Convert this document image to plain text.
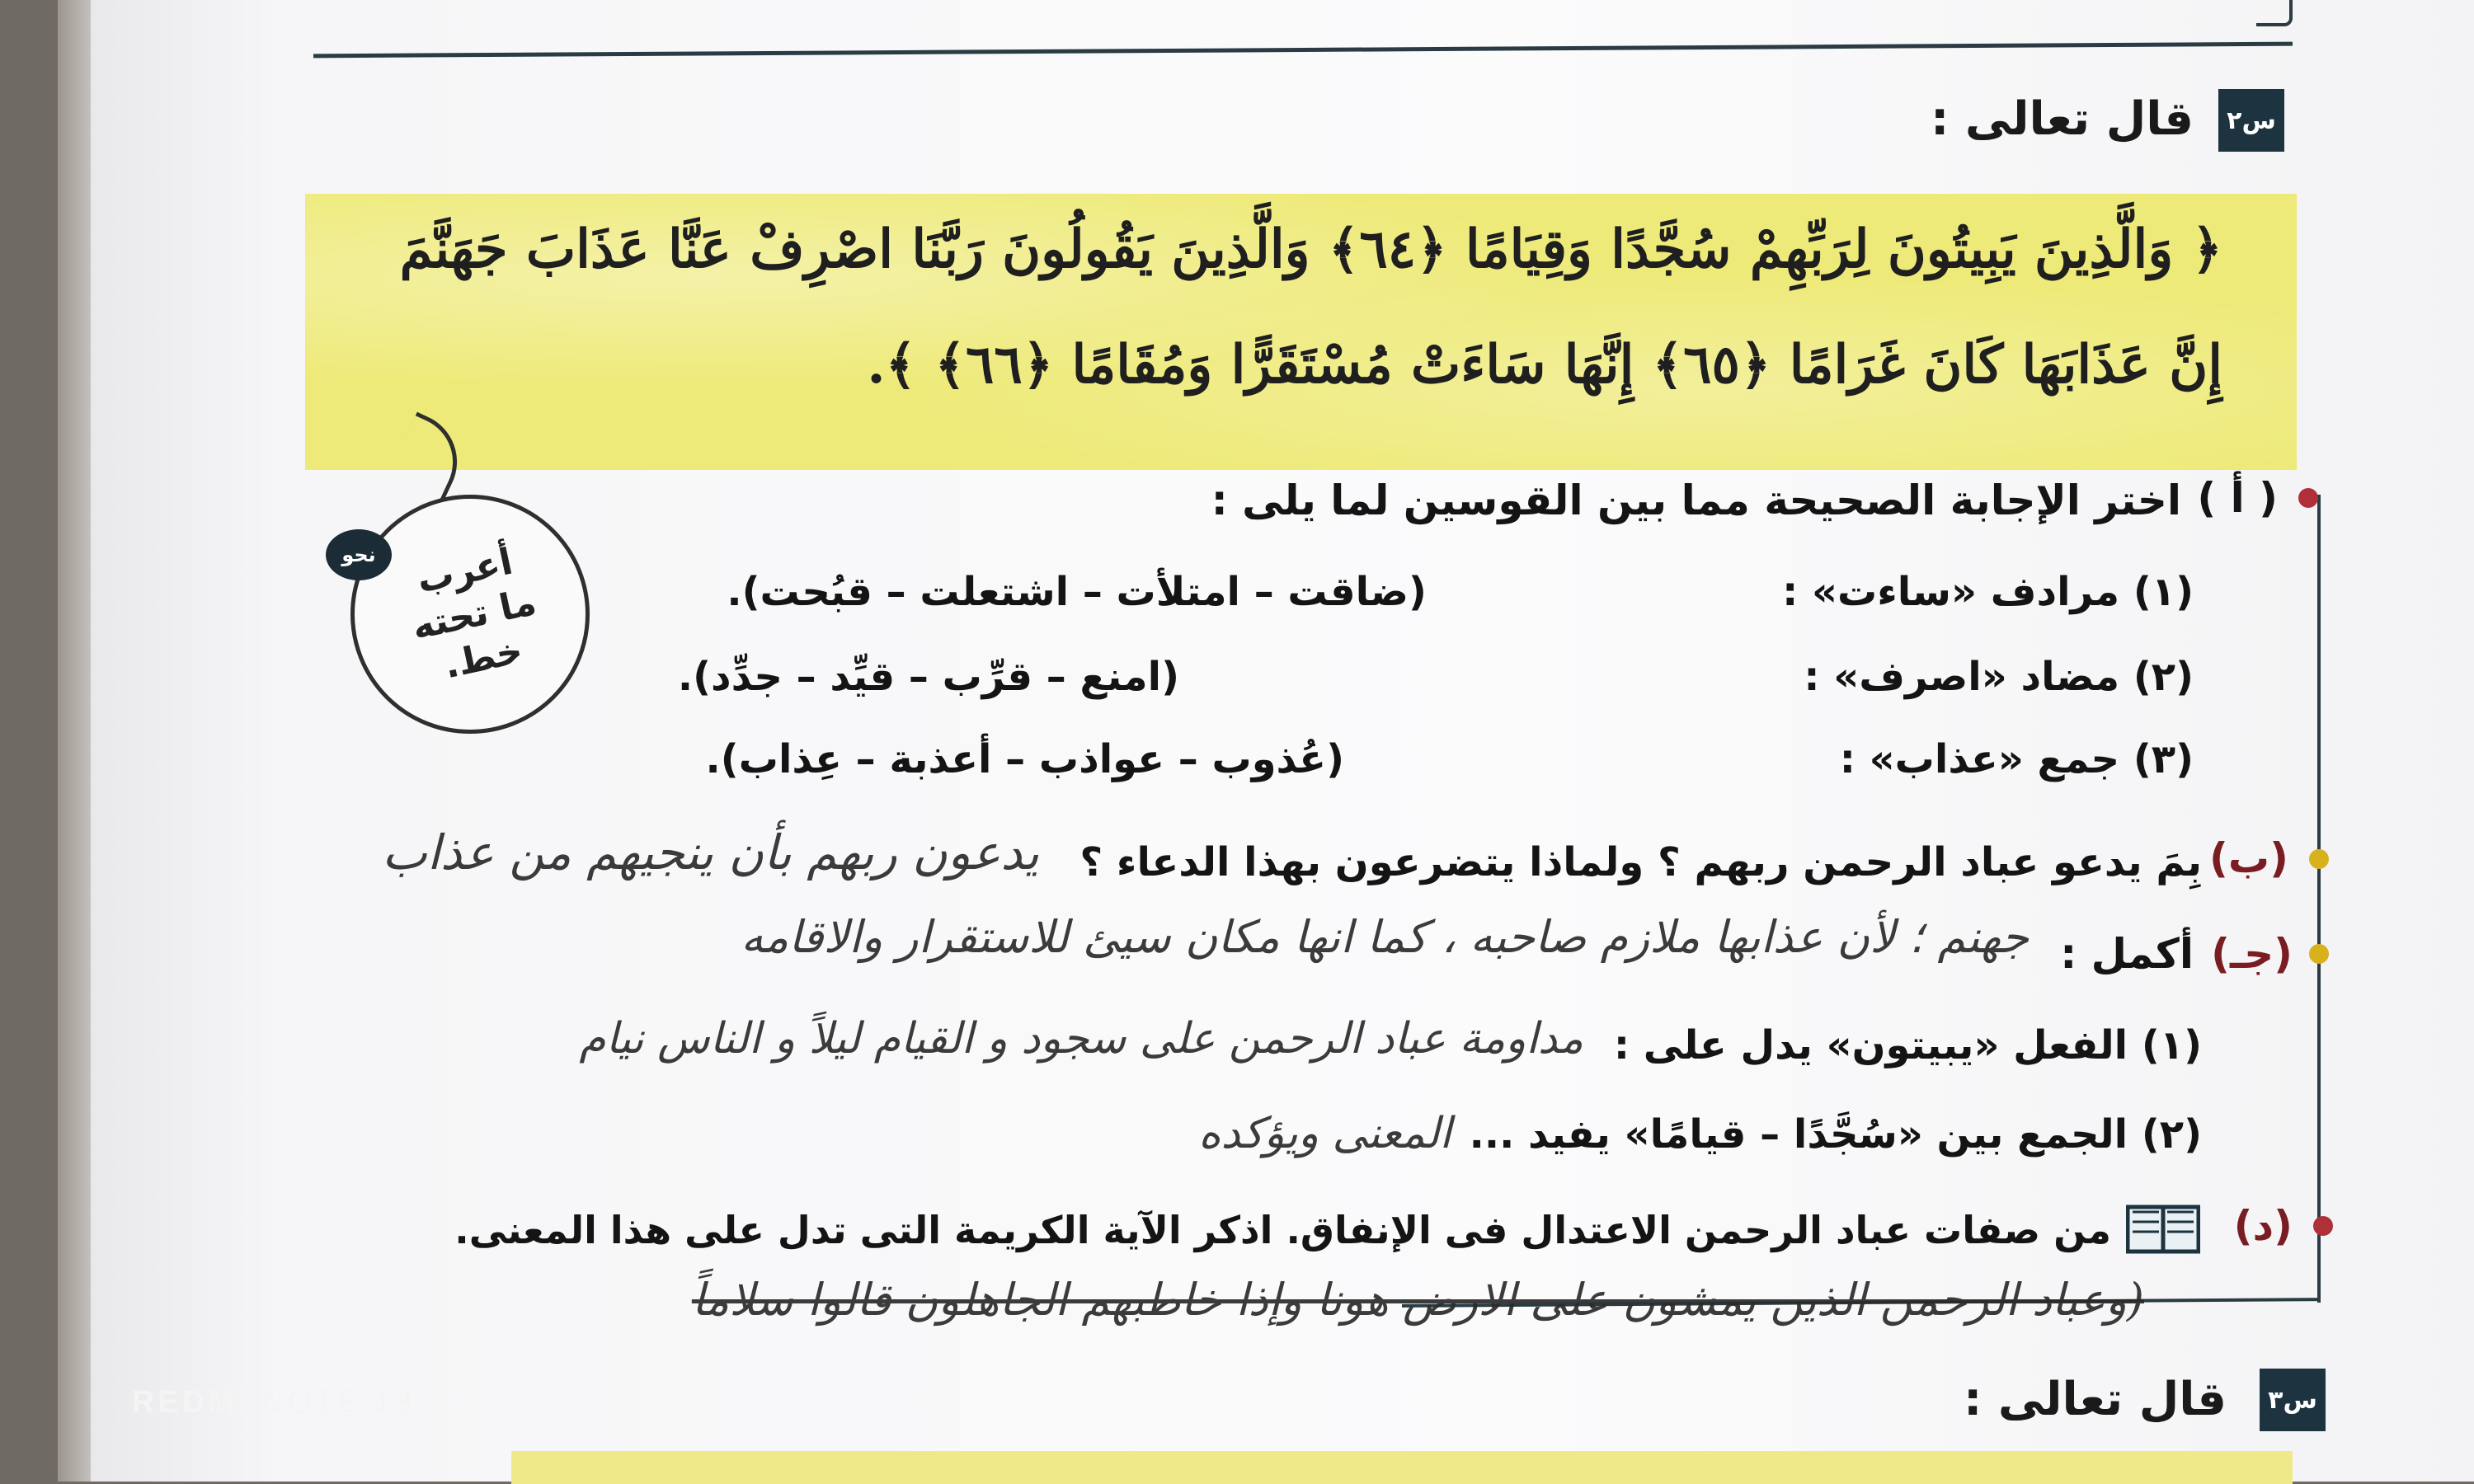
س٢
قال تعالى :
﴿ وَالَّذِينَ يَبِيتُونَ لِرَبِّهِمْ سُجَّدًا وَقِيَامًا ﴿٦٤﴾ وَالَّذِينَ يَقُولُونَ رَبَّنَا اصْرِفْ عَنَّا عَذَابَ جَهَنَّمَ
إِنَّ عَذَابَهَا كَانَ غَرَامًا ﴿٦٥﴾ إِنَّهَا سَاءَتْ مُسْتَقَرًّا وَمُقَامًا ﴿٦٦﴾ ﴾.
( أ )
اختر الإجابة الصحيحة مما بين القوسين لما يلى :
(١) مرادف «ساءت» :
(ضاقت – امتلأت – اشتعلت – قبُحت).
(٢) مضاد «اصرف» :
(امنع – قرِّب – قيِّد – جدِّد).
(٣) جمع «عذاب» :
(عُذوب – عواذب – أعذبة – عِذاب).
أعرب ما تحته خط.
نحو
(ب)
بِمَ يدعو عباد الرحمن ربهم ؟ ولماذا يتضرعون بهذا الدعاء ؟
يدعون ربهم بأن ينجيهم من عذاب
جهنم ؛ لأن عذابها ملازم صاحبه ، كما انها مكان سيئ للاستقرار والاقامه	(جـ)
أكمل :
(١) الفعل «يبيتون» يدل على :
مداومة عباد الرحمن على سجود و القيام ليلاً و الناس نيام
(٢) الجمع بين «سُجَّدًا – قيامًا» يفيد ...
المعنى ويؤكده
(د)
من صفات عباد الرحمن الاعتدال فى الإنفاق. اذكر الآية الكريمة التى تدل على هذا المعنى.
(وعباد الرحمن الذين يمشون على الارض هونا وإذا خاطبهم الجاهلون قالوا سلاماً
س٣
قال تعالى :
REDMI NOTE 13
